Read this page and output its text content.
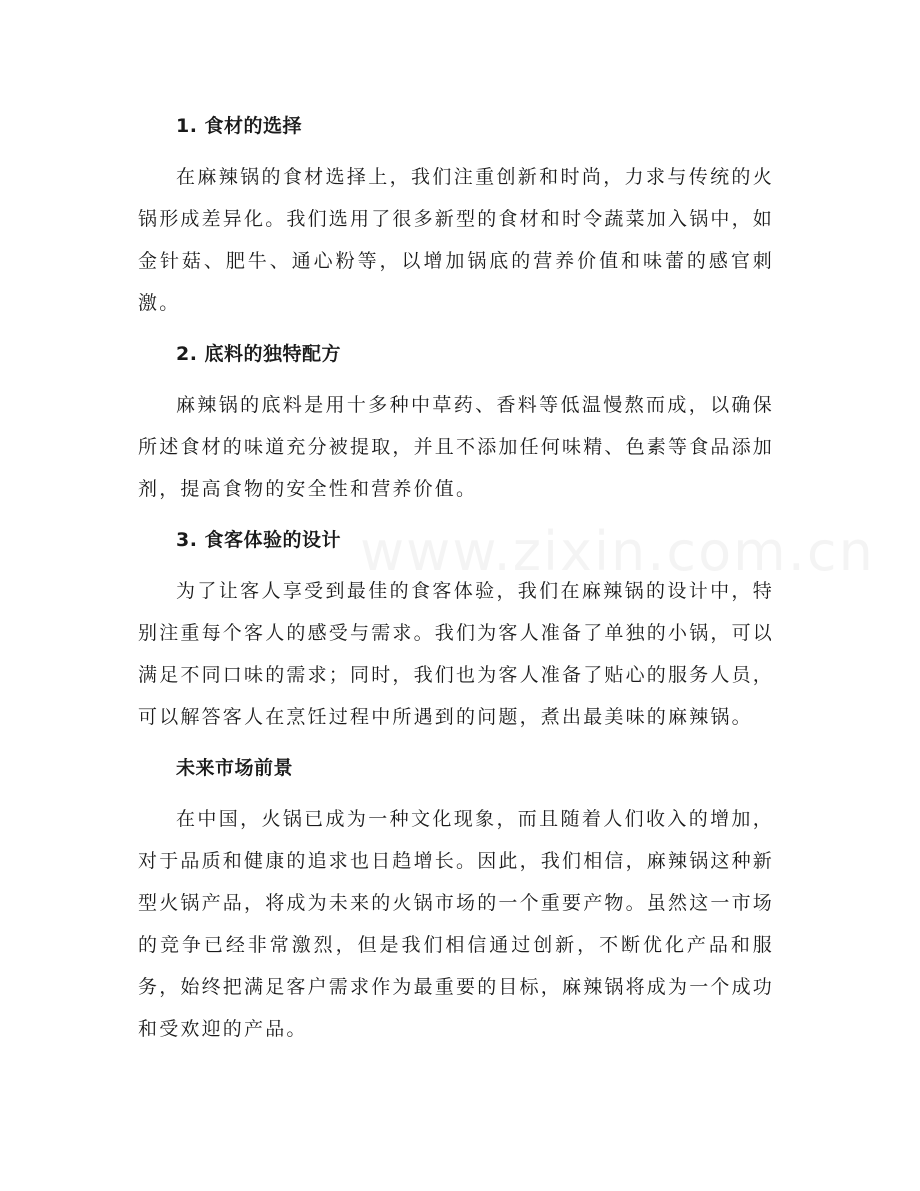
1. 食材的选择

在麻辣锅的食材选择上，我们注重创新和时尚，力求与传统的火锅形成差异化。我们选用了很多新型的食材和时令蔬菜加入锅中，如金针菇、肥牛、通心粉等，以增加锅底的营养价值和味蕾的感官刺激。

2. 底料的独特配方

麻辣锅的底料是用十多种中草药、香料等低温慢熬而成，以确保所述食材的味道充分被提取，并且不添加任何味精、色素等食品添加剂，提高食物的安全性和营养价值。

3. 食客体验的设计

为了让客人享受到最佳的食客体验，我们在麻辣锅的设计中，特别注重每个客人的感受与需求。我们为客人准备了单独的小锅，可以满足不同口味的需求；同时，我们也为客人准备了贴心的服务人员，可以解答客人在烹饪过程中所遇到的问题，煮出最美味的麻辣锅。

未来市场前景

在中国，火锅已成为一种文化现象，而且随着人们收入的增加，对于品质和健康的追求也日趋增长。因此，我们相信，麻辣锅这种新型火锅产品，将成为未来的火锅市场的一个重要产物。虽然这一市场的竞争已经非常激烈，但是我们相信通过创新，不断优化产品和服务，始终把满足客户需求作为最重要的目标，麻辣锅将成为一个成功和受欢迎的产品。
